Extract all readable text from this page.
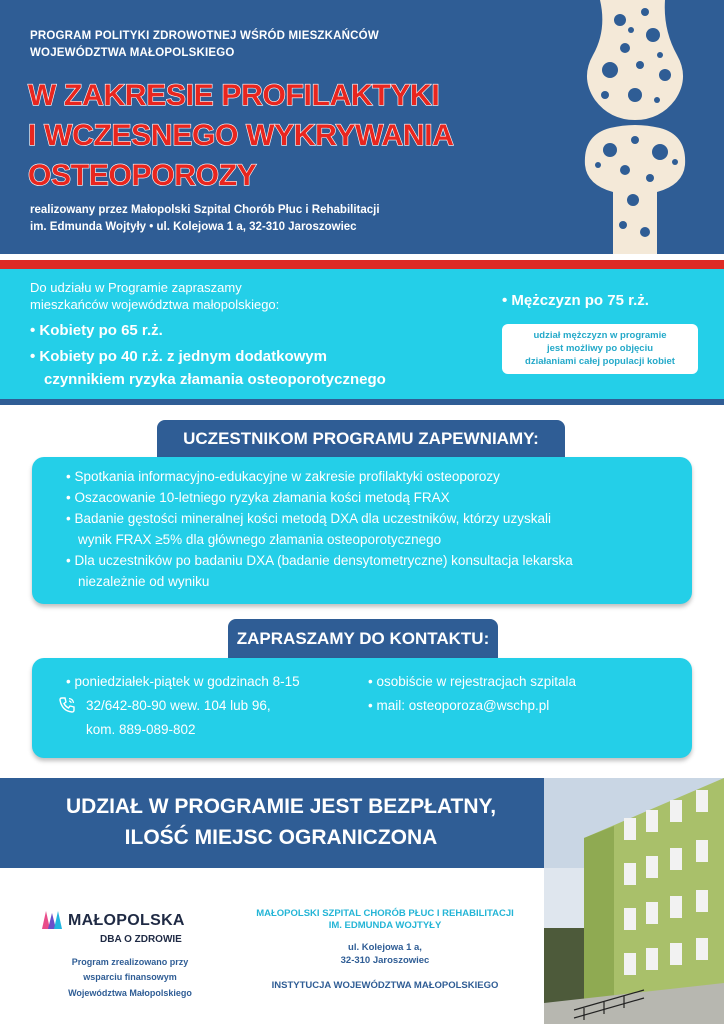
PROGRAM POLITYKI ZDROWOTNEJ WŚRÓD MIESZKAŃCÓW
WOJEWÓDZTWA MAŁOPOLSKIEGO
W ZAKRESIE PROFILAKTYKI
I WCZESNEGO WYKRYWANIA
OSTEOPOROZY
realizowany przez Małopolski Szpital Chorób Płuc i Rehabilitacji
im. Edmunda Wojtyły • ul. Kolejowa 1 a, 32-310 Jaroszowiec
Do udziału w Programie zapraszamy
mieszkańców województwa małopolskiego:
• Kobiety po 65 r.ż.
• Kobiety po 40 r.ż. z jednym dodatkowym
czynnikiem ryzyka złamania osteoporotycznego
• Mężczyzn po 75 r.ż.
udział mężczyzn w programie
jest możliwy po objęciu
działaniami całej populacji kobiet
UCZESTNIKOM PROGRAMU ZAPEWNIAMY:
• Spotkania informacyjno-edukacyjne w zakresie profilaktyki osteoporozy
• Oszacowanie 10-letniego ryzyka złamania kości metodą FRAX
• Badanie gęstości mineralnej kości metodą DXA dla uczestników, którzy uzyskali
wynik FRAX ≥5% dla głównego złamania osteoporotycznego
• Dla uczestników po badaniu DXA (badanie densytometryczne) konsultacja lekarska
niezależnie od wyniku
ZAPRASZAMY DO KONTAKTU:
• poniedziałek-piątek w godzinach 8-15
32/642-80-90 wew. 104 lub 96,
kom. 889-089-802
• osobiście w rejestracjach szpitala
• mail: osteoporoza@wschp.pl
UDZIAŁ W PROGRAMIE JEST BEZPŁATNY,
ILOŚĆ MIEJSC OGRANICZONA
MAŁOPOLSKA
DBA O ZDROWIE
Program zrealizowano przy
wsparciu finansowym
Województwa Małopolskiego
MAŁOPOLSKI SZPITAL CHORÓB PŁUC I REHABILITACJI
IM. EDMUNDA WOJTYŁY
ul. Kolejowa 1 a,
32-310 Jaroszowiec
INSTYTUCJA WOJEWÓDZTWA MAŁOPOLSKIEGO
